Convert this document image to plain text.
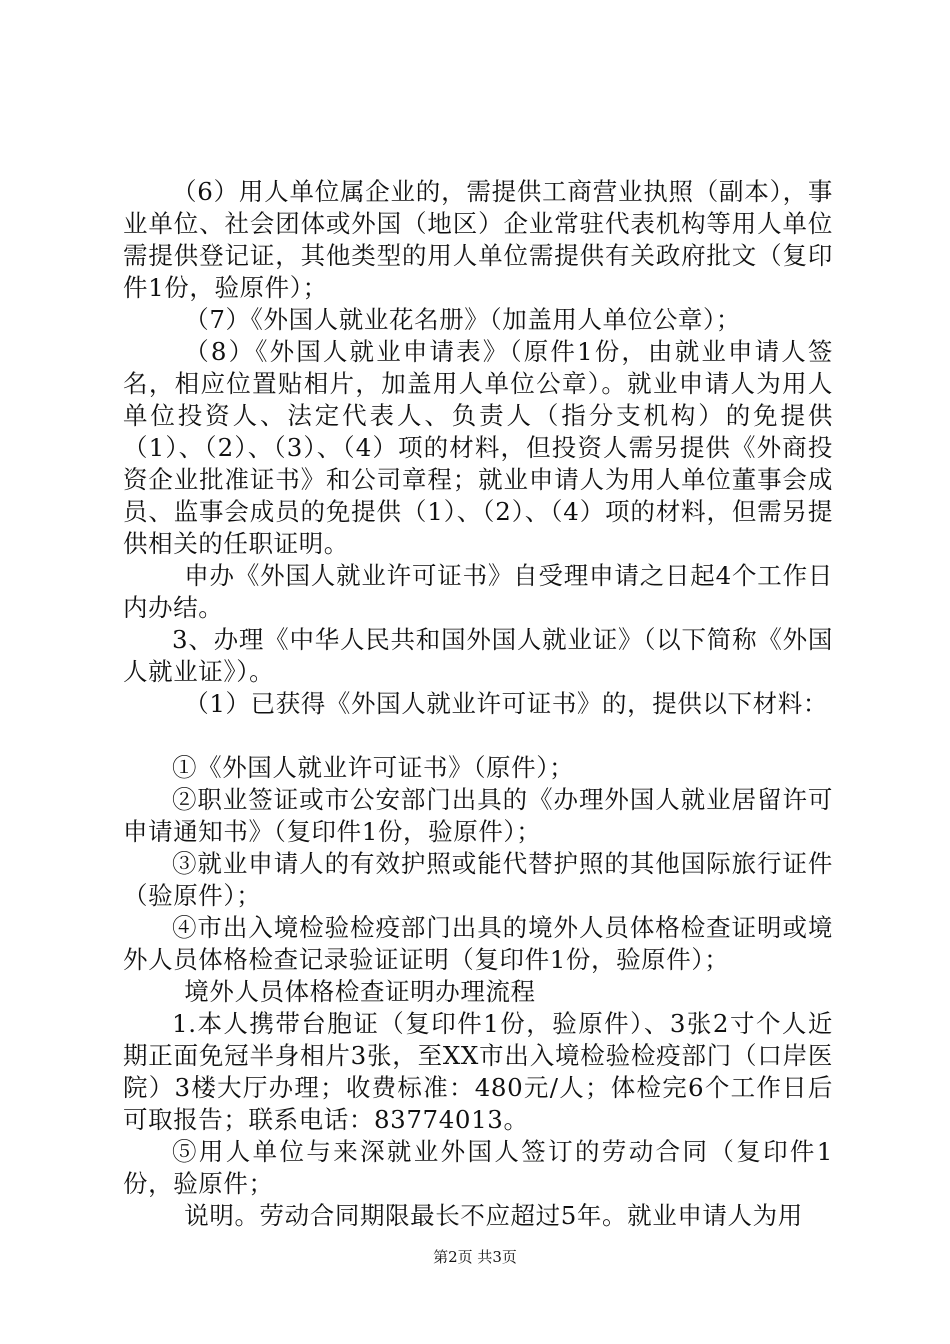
（6）用人单位属企业的，需提供工商营业执照（副本），事业单位、社会团体或外国（地区）企业常驻代表机构等用人单位需提供登记证，其他类型的用人单位需提供有关政府批文（复印件1份，验原件）；

（7）《外国人就业花名册》（加盖用人单位公章）；

（8）《外国人就业申请表》（原件1份，由就业申请人签名，相应位置贴相片，加盖用人单位公章）。就业申请人为用人单位投资人、法定代表人、负责人（指分支机构）的免提供（1）、（2）、（3）、（4）项的材料，但投资人需另提供《外商投资企业批准证书》和公司章程；就业申请人为用人单位董事会成员、监事会成员的免提供（1）、（2）、（4）项的材料，但需另提供相关的任职证明。

申办《外国人就业许可证书》自受理申请之日起4个工作日内办结。

3、办理《中华人民共和国外国人就业证》（以下简称《外国人就业证》）。

（1）已获得《外国人就业许可证书》的，提供以下材料：

①《外国人就业许可证书》（原件）；

②职业签证或市公安部门出具的《办理外国人就业居留许可申请通知书》（复印件1份，验原件）；

③就业申请人的有效护照或能代替护照的其他国际旅行证件（验原件）；

④市出入境检验检疫部门出具的境外人员体格检查证明或境外人员体格检查记录验证证明（复印件1份，验原件）；

境外人员体格检查证明办理流程

1.本人携带台胞证（复印件1份，验原件）、3张2寸个人近期正面免冠半身相片3张，至XX市出入境检验检疫部门（口岸医院）3楼大厅办理；收费标准：480元/人；体检完6个工作日后可取报告；联系电话：83774013。

⑤用人单位与来深就业外国人签订的劳动合同（复印件1份，验原件；

说明。劳动合同期限最长不应超过5年。就业申请人为用

第2页 共3页
